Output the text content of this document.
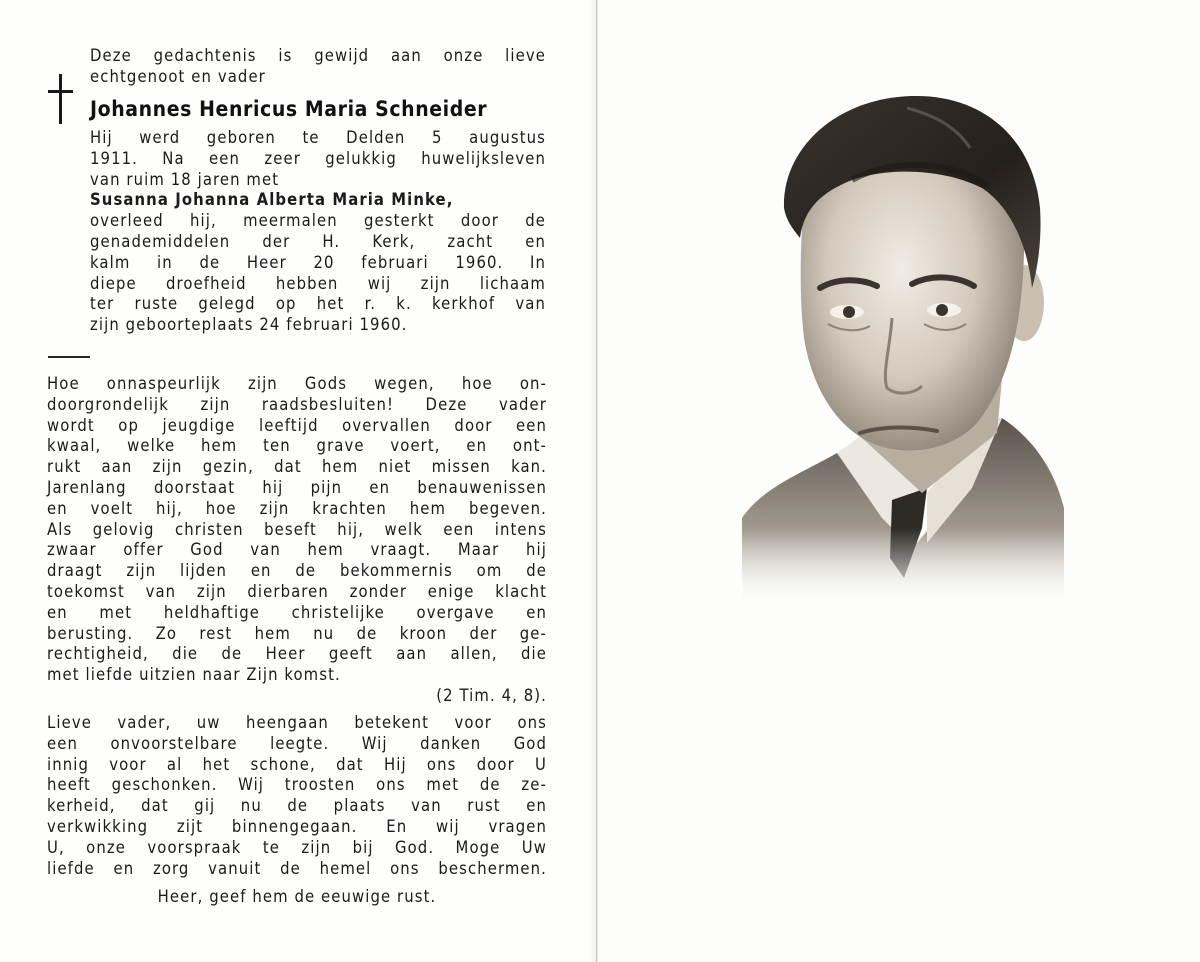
Deze gedachtenis is gewijd aan onze lieve
echtgenoot en vader
Johannes Henricus Maria Schneider
Hij werd geboren te Delden 5 augustus
1911. Na een zeer gelukkig huwelijksleven
van ruim 18 jaren met
Susanna Johanna Alberta Maria Minke,
overleed hij, meermalen gesterkt door de
genademiddelen der H. Kerk, zacht en
kalm in de Heer 20 februari 1960. In
diepe droefheid hebben wij zijn lichaam
ter ruste gelegd op het r. k. kerkhof van
zijn geboorteplaats 24 februari 1960.
Hoe onnaspeurlijk zijn Gods wegen, hoe on-
doorgrondelijk zijn raadsbesluiten! Deze vader
wordt op jeugdige leeftijd overvallen door een
kwaal, welke hem ten grave voert, en ont-
rukt aan zijn gezin, dat hem niet missen kan.
Jarenlang doorstaat hij pijn en benauwenissen
en voelt hij, hoe zijn krachten hem begeven.
Als gelovig christen beseft hij, welk een intens
zwaar offer God van hem vraagt. Maar hij
draagt zijn lijden en de bekommernis om de
toekomst van zijn dierbaren zonder enige klacht
en met heldhaftige christelijke overgave en
berusting. Zo rest hem nu de kroon der ge-
rechtigheid, die de Heer geeft aan allen, die
met liefde uitzien naar Zijn komst.
(2 Tim. 4, 8).
Lieve vader, uw heengaan betekent voor ons
een onvoorstelbare leegte. Wij danken God
innig voor al het schone, dat Hij ons door U
heeft geschonken. Wij troosten ons met de ze-
kerheid, dat gij nu de plaats van rust en
verkwikking zijt binnengegaan. En wij vragen
U, onze voorspraak te zijn bij God. Moge Uw
liefde en zorg vanuit de hemel ons beschermen.
Heer, geef hem de eeuwige rust.
